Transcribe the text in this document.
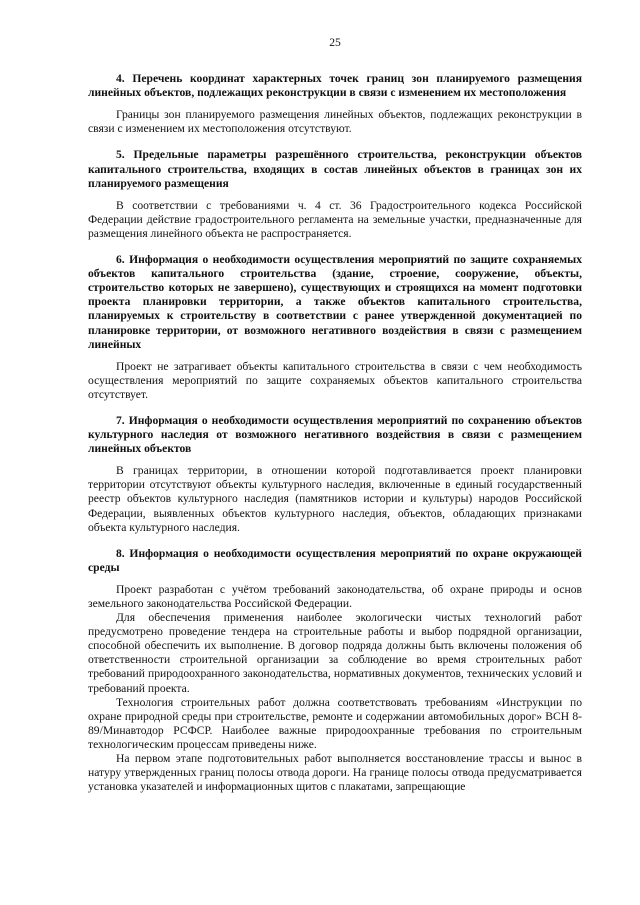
25

4. Перечень координат характерных точек границ зон планируемого размещения линейных объектов, подлежащих реконструкции в связи с изменением их местоположения

Границы зон планируемого размещения линейных объектов, подлежащих реконструкции в связи с изменением их местоположения отсутствуют.

5. Предельные параметры разрешённого строительства, реконструкции объектов капитального строительства, входящих в состав линейных объектов в границах зон их планируемого размещения

В соответствии с требованиями ч. 4 ст. 36 Градостроительного кодекса Российской Федерации действие градостроительного регламента на земельные участки, предназначенные для размещения линейного объекта не распространяется.

6. Информация о необходимости осуществления мероприятий по защите сохраняемых объектов капитального строительства (здание, строение, сооружение, объекты, строительство которых не завершено), существующих и строящихся на момент подготовки проекта планировки территории, а также объектов капитального строительства, планируемых к строительству в соответствии с ранее утвержденной документацией по планировке территории, от возможного негативного воздействия в связи с размещением линейных

Проект не затрагивает объекты капитального строительства в связи с чем необходимость осуществления мероприятий по защите сохраняемых объектов капитального строительства отсутствует.

7. Информация о необходимости осуществления мероприятий по сохранению объектов культурного наследия от возможного негативного воздействия в связи с размещением линейных объектов

В границах территории, в отношении которой подготавливается проект планировки территории отсутствуют объекты культурного наследия, включенные в единый государственный реестр объектов культурного наследия (памятников истории и культуры) народов Российской Федерации, выявленных объектов культурного наследия, объектов, обладающих признаками объекта культурного наследия.

8. Информация о необходимости осуществления мероприятий по охране окружающей среды

Проект разработан с учётом требований законодательства, об охране природы и основ земельного законодательства Российской Федерации.

Для обеспечения применения наиболее экологически чистых технологий работ предусмотрено проведение тендера на строительные работы и выбор подрядной организации, способной обеспечить их выполнение. В договор подряда должны быть включены положения об ответственности строительной организации за соблюдение во время строительных работ требований природоохранного законодательства, нормативных документов, технических условий и требований проекта.

Технология строительных работ должна соответствовать требованиям «Инструкции по охране природной среды при строительстве, ремонте и содержании автомобильных дорог» ВСН 8-89/Минавтодор РСФСР. Наиболее важные природоохранные требования по строительным технологическим процессам приведены ниже.

На первом этапе подготовительных работ выполняется восстановление трассы и вынос в натуру утвержденных границ полосы отвода дороги. На границе полосы отвода предусматривается установка указателей и информационных щитов с плакатами, запрещающие
